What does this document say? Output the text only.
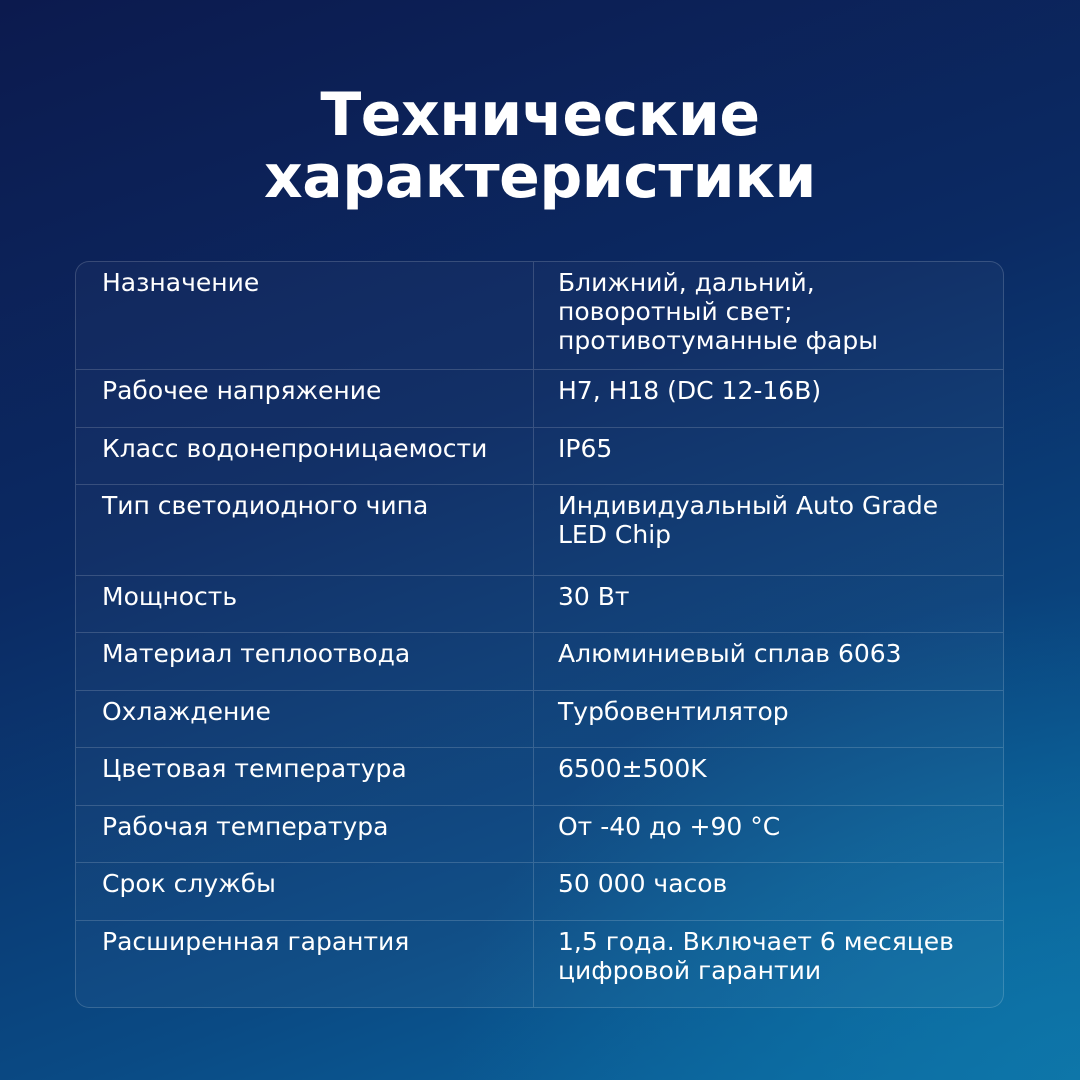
Технические
характеристики
Назначение	Ближний, дальний,
поворотный свет;
противотуманные фары
Рабочее напряжение	H7, H18 (DC 12-16B)
Класс водонепроницаемости	IP65
Тип светодиодного чипа	Индивидуальный Auto Grade
LED Chip
Мощность	30 Вт
Материал теплоотвода	Алюминиевый сплав 6063
Охлаждение	Турбовентилятор
Цветовая температура	6500±500K
Рабочая температура	От -40 до +90 °С
Срок службы	50 000 часов
Расширенная гарантия	1,5 года. Включает 6 месяцев
цифровой гарантии
